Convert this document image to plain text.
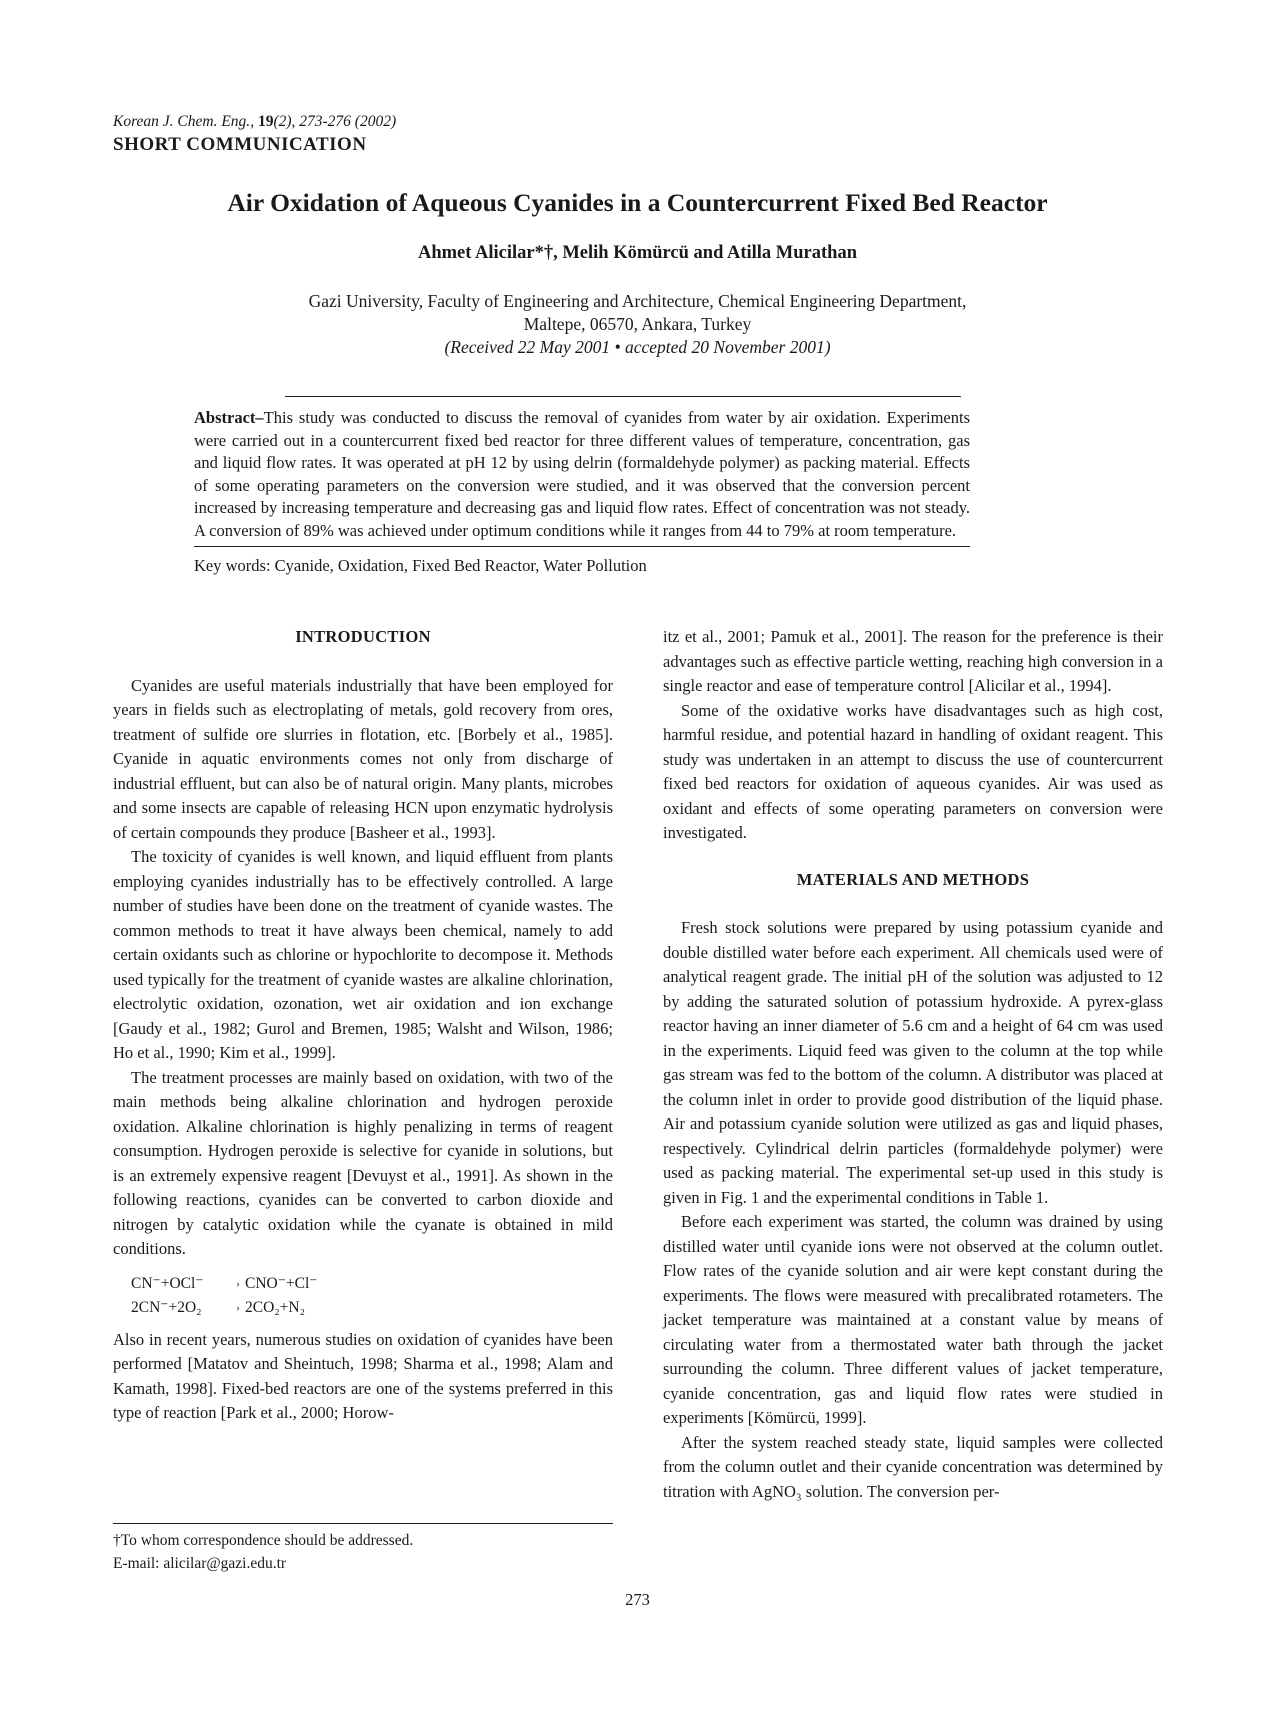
Korean J. Chem. Eng., 19(2), 273-276 (2002)
SHORT COMMUNICATION
Air Oxidation of Aqueous Cyanides in a Countercurrent Fixed Bed Reactor
Ahmet Alicilar*†, Melih Kömürcü and Atilla Murathan
Gazi University, Faculty of Engineering and Architecture, Chemical Engineering Department,
Maltepe, 06570, Ankara, Turkey
(Received 22 May 2001 • accepted 20 November 2001)
Abstract–This study was conducted to discuss the removal of cyanides from water by air oxidation. Experiments were carried out in a countercurrent fixed bed reactor for three different values of temperature, concentration, gas and liquid flow rates. It was operated at pH 12 by using delrin (formaldehyde polymer) as packing material. Effects of some operating parameters on the conversion were studied, and it was observed that the conversion percent increased by increasing temperature and decreasing gas and liquid flow rates. Effect of concentration was not steady. A conversion of 89% was achieved under optimum conditions while it ranges from 44 to 79% at room temperature.
Key words: Cyanide, Oxidation, Fixed Bed Reactor, Water Pollution
INTRODUCTION

Cyanides are useful materials industrially that have been employed for years in fields such as electroplating of metals, gold recovery from ores, treatment of sulfide ore slurries in flotation, etc. [Borbely et al., 1985]. Cyanide in aquatic environments comes not only from discharge of industrial effluent, but can also be of natural origin. Many plants, microbes and some insects are capable of releasing HCN upon enzymatic hydrolysis of certain compounds they produce [Basheer et al., 1993].

The toxicity of cyanides is well known, and liquid effluent from plants employing cyanides industrially has to be effectively controlled. A large number of studies have been done on the treatment of cyanide wastes. The common methods to treat it have always been chemical, namely to add certain oxidants such as chlorine or hypochlorite to decompose it. Methods used typically for the treatment of cyanide wastes are alkaline chlorination, electrolytic oxidation, ozonation, wet air oxidation and ion exchange [Gaudy et al., 1982; Gurol and Bremen, 1985; Walsht and Wilson, 1986; Ho et al., 1990; Kim et al., 1999].

The treatment processes are mainly based on oxidation, with two of the main methods being alkaline chlorination and hydrogen peroxide oxidation. Alkaline chlorination is highly penalizing in terms of reagent consumption. Hydrogen peroxide is selective for cyanide in solutions, but is an extremely expensive reagent [Devuyst et al., 1991]. As shown in the following reactions, cyanides can be converted to carbon dioxide and nitrogen by catalytic oxidation while the cyanate is obtained in mild conditions.

CN⁻+OCl⁻	› CNO⁻+Cl⁻
2CN⁻+2O₂	› 2CO₂+N₂

Also in recent years, numerous studies on oxidation of cyanides have been performed [Matatov and Sheintuch, 1998; Sharma et al., 1998; Alam and Kamath, 1998]. Fixed-bed reactors are one of the systems preferred in this type of reaction [Park et al., 2000; Horow-

itz et al., 2001; Pamuk et al., 2001]. The reason for the preference is their advantages such as effective particle wetting, reaching high conversion in a single reactor and ease of temperature control [Alicilar et al., 1994].

Some of the oxidative works have disadvantages such as high cost, harmful residue, and potential hazard in handling of oxidant reagent. This study was undertaken in an attempt to discuss the use of countercurrent fixed bed reactors for oxidation of aqueous cyanides. Air was used as oxidant and effects of some operating parameters on conversion were investigated.

MATERIALS AND METHODS

Fresh stock solutions were prepared by using potassium cyanide and double distilled water before each experiment. All chemicals used were of analytical reagent grade. The initial pH of the solution was adjusted to 12 by adding the saturated solution of potassium hydroxide. A pyrex-glass reactor having an inner diameter of 5.6 cm and a height of 64 cm was used in the experiments. Liquid feed was given to the column at the top while gas stream was fed to the bottom of the column. A distributor was placed at the column inlet in order to provide good distribution of the liquid phase. Air and potassium cyanide solution were utilized as gas and liquid phases, respectively. Cylindrical delrin particles (formaldehyde polymer) were used as packing material. The experimental set-up used in this study is given in Fig. 1 and the experimental conditions in Table 1.

Before each experiment was started, the column was drained by using distilled water until cyanide ions were not observed at the column outlet. Flow rates of the cyanide solution and air were kept constant during the experiments. The flows were measured with precalibrated rotameters. The jacket temperature was maintained at a constant value by means of circulating water from a thermostated water bath through the jacket surrounding the column. Three different values of jacket temperature, cyanide concentration, gas and liquid flow rates were studied in experiments [Kömürcü, 1999].

After the system reached steady state, liquid samples were collected from the column outlet and their cyanide concentration was determined by titration with AgNO₃ solution. The conversion per-

†To whom correspondence should be addressed.
E-mail: alicilar@gazi.edu.tr
273
